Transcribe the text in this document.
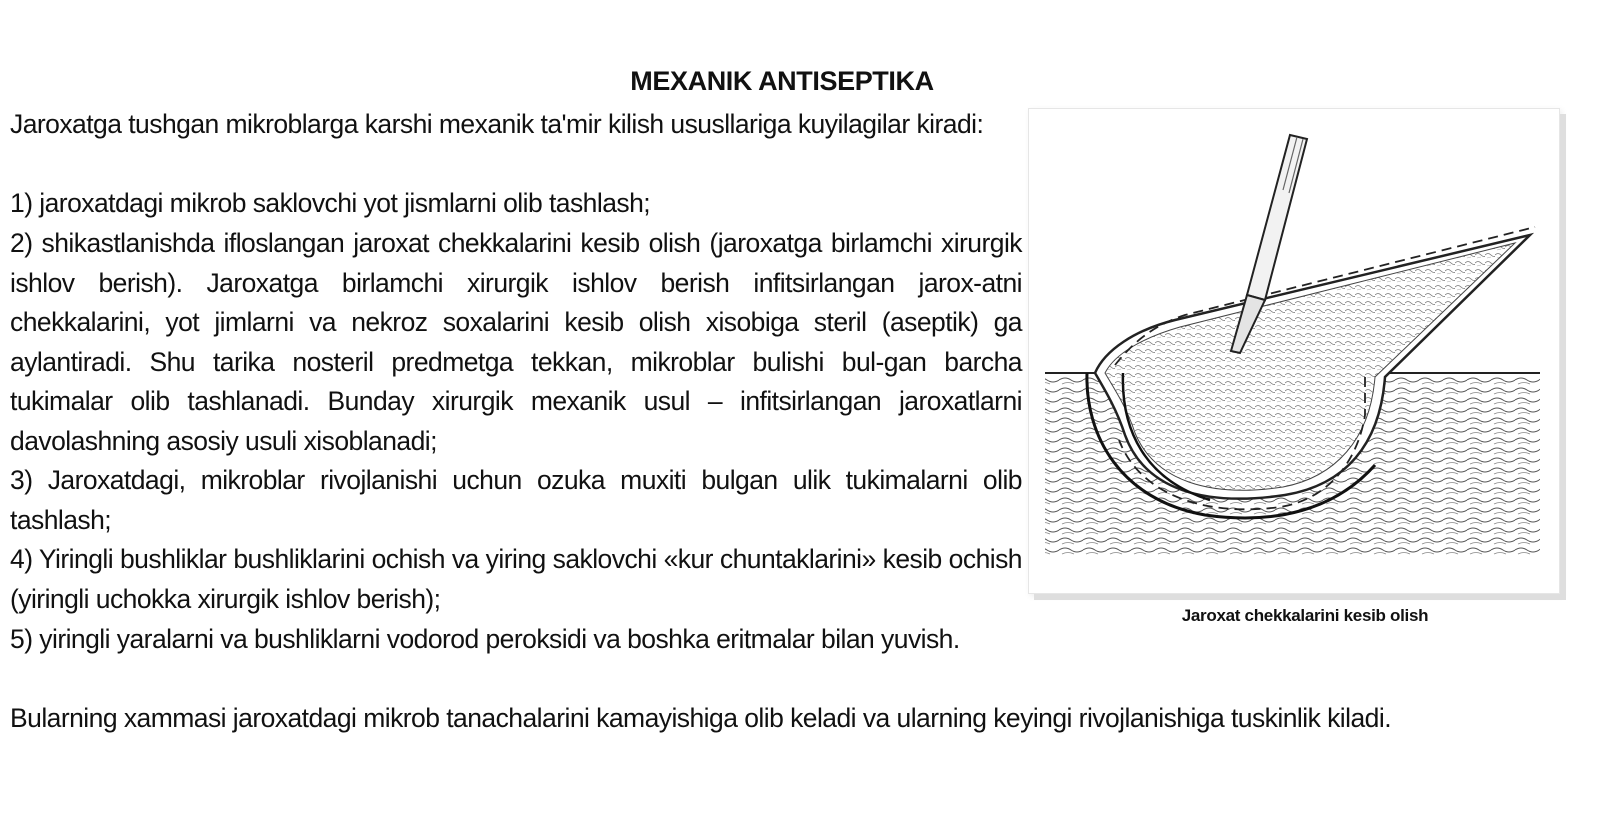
MEXANIK ANTISEPTIKA

Jaroxatga tushgan mikroblarga karshi mexanik ta'mir kilish ususllariga kuyilagilar kiradi:

1) jaroxatdagi mikrob saklovchi yot jismlarni olib tashlash;

2) shikastlanishda ifloslangan jaroxat chekkalarini kesib olish (jaroxatga birlamchi xirurgik ishlov berish). Jaroxatga birlamchi xirurgik ishlov berish infitsirlangan jarox-atni chekkalarini, yot jimlarni va nekroz soxalarini kesib olish xisobiga steril (aseptik) ga aylantiradi. Shu tarika nosteril predmetga tekkan, mikroblar bulishi bul-gan barcha tukimalar olib tashlanadi. Bunday xirurgik mexanik usul – infitsirlangan jaroxatlarni davolashning asosiy usuli xisoblanadi;

3) Jaroxatdagi, mikroblar rivojlanishi uchun ozuka muxiti bulgan ulik tukimalarni olib tashlash;

4) Yiringli bushliklar bushliklarini ochish va yiring saklovchi «kur chuntaklarini» kesib ochish (yiringli uchokka xirurgik ishlov berish);

5) yiringli yaralarni va bushliklarni vodorod peroksidi va boshka eritmalar bilan yuvish.

Bularning xammasi jaroxatdagi mikrob tanachalarini kamayishiga olib keladi va ularning keyingi rivojlanishiga tuskinlik kiladi.

Jaroxat chekkalarini kesib olish
